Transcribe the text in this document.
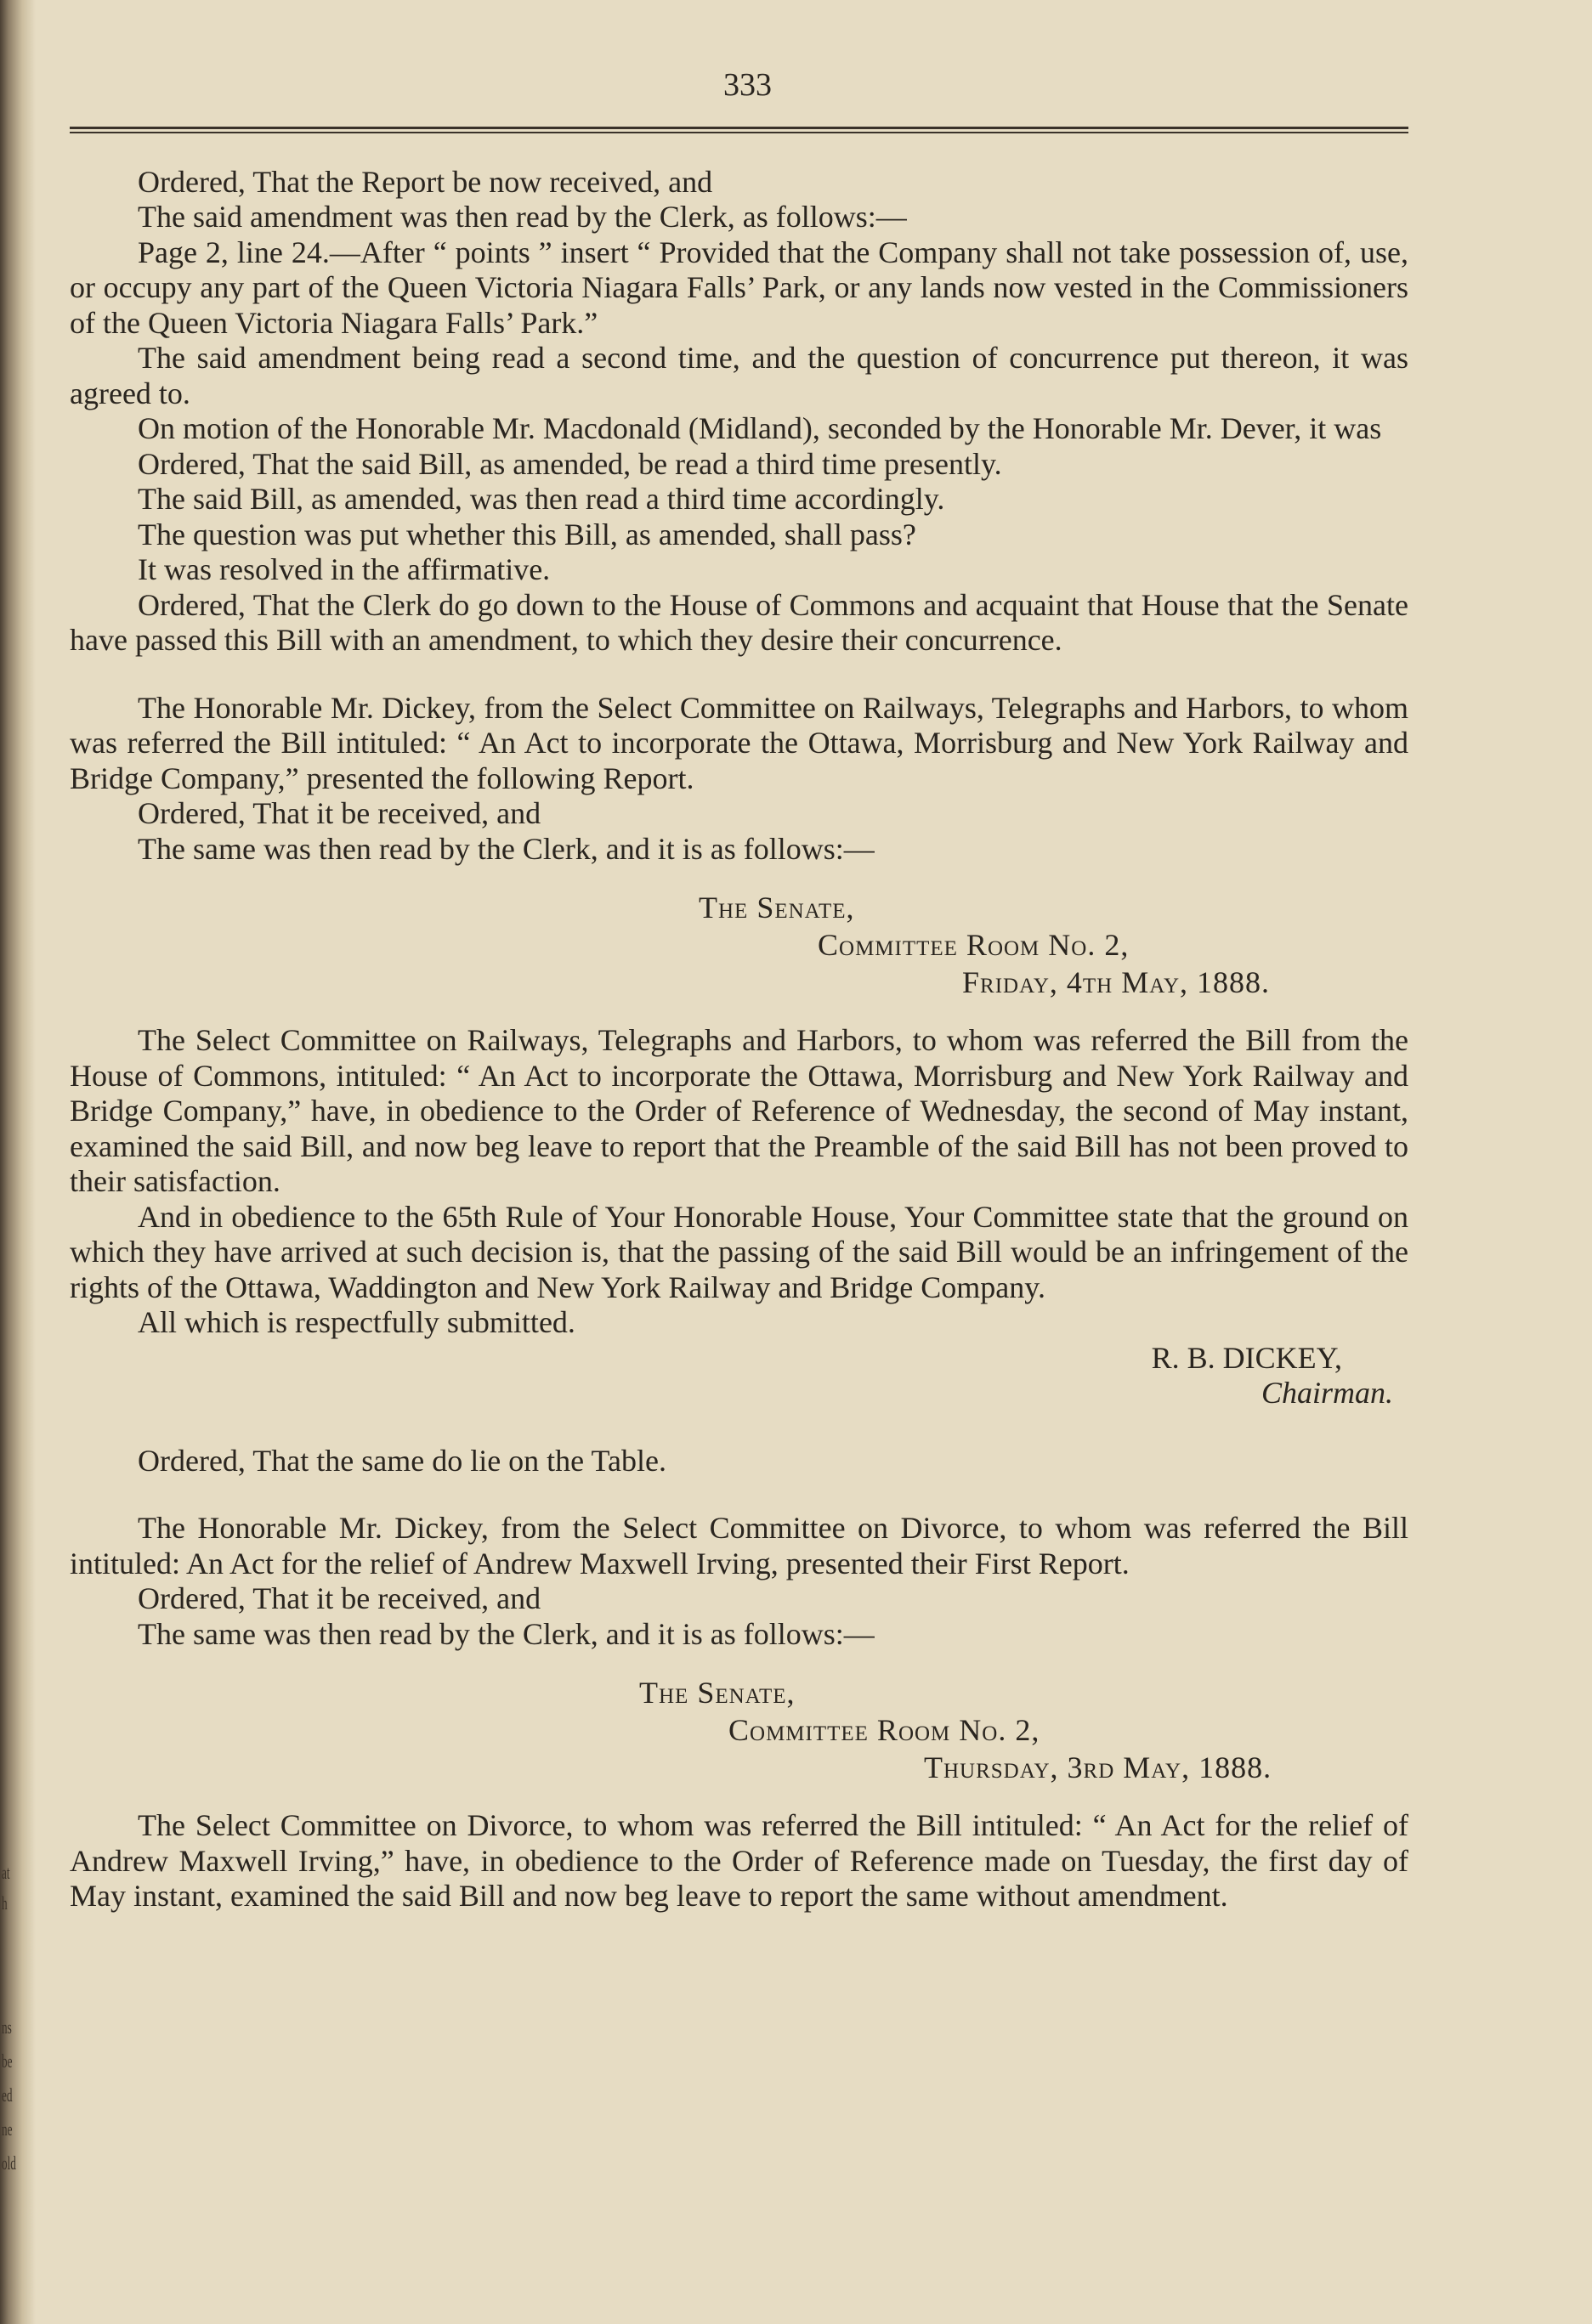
at
h
ns
be
ed
ne
old
333

Ordered, That the Report be now received, and

The said amendment was then read by the Clerk, as follows:—

Page 2, line 24.—After “ points ” insert “ Provided that the Company shall not take possession of, use, or occupy any part of the Queen Victoria Niagara Falls’ Park, or any lands now vested in the Commissioners of the Queen Victoria Niagara Falls’ Park.”

The said amendment being read a second time, and the question of concurrence put thereon, it was agreed to.

On motion of the Honorable Mr. Macdonald (Midland), seconded by the Honorable Mr. Dever, it was

Ordered, That the said Bill, as amended, be read a third time presently.

The said Bill, as amended, was then read a third time accordingly.

The question was put whether this Bill, as amended, shall pass?

It was resolved in the affirmative.

Ordered, That the Clerk do go down to the House of Commons and acquaint that House that the Senate have passed this Bill with an amendment, to which they desire their concurrence.

The Honorable Mr. Dickey, from the Select Committee on Railways, Telegraphs and Harbors, to whom was referred the Bill intituled: “ An Act to incorporate the Ottawa, Morrisburg and New York Railway and Bridge Company,” presented the following Report.

Ordered, That it be received, and

The same was then read by the Clerk, and it is as follows:—

The Senate,
Committee Room No. 2,
Friday, 4th May, 1888.

The Select Committee on Railways, Telegraphs and Harbors, to whom was referred the Bill from the House of Commons, intituled: “ An Act to incorporate the Ottawa, Morrisburg and New York Railway and Bridge Company,” have, in obedience to the Order of Reference of Wednesday, the second of May instant, examined the said Bill, and now beg leave to report that the Preamble of the said Bill has not been proved to their satisfaction.

And in obedience to the 65th Rule of Your Honorable House, Your Committee state that the ground on which they have arrived at such decision is, that the passing of the said Bill would be an infringement of the rights of the Ottawa, Waddington and New York Railway and Bridge Company.

All which is respectfully submitted.

R. B. DICKEY,
Chairman.

Ordered, That the same do lie on the Table.

The Honorable Mr. Dickey, from the Select Committee on Divorce, to whom was referred the Bill intituled: An Act for the relief of Andrew Maxwell Irving, presented their First Report.

Ordered, That it be received, and

The same was then read by the Clerk, and it is as follows:—

The Senate,
Committee Room No. 2,
Thursday, 3rd May, 1888.

The Select Committee on Divorce, to whom was referred the Bill intituled: “ An Act for the relief of Andrew Maxwell Irving,” have, in obedience to the Order of Reference made on Tuesday, the first day of May instant, examined the said Bill and now beg leave to report the same without amendment.
